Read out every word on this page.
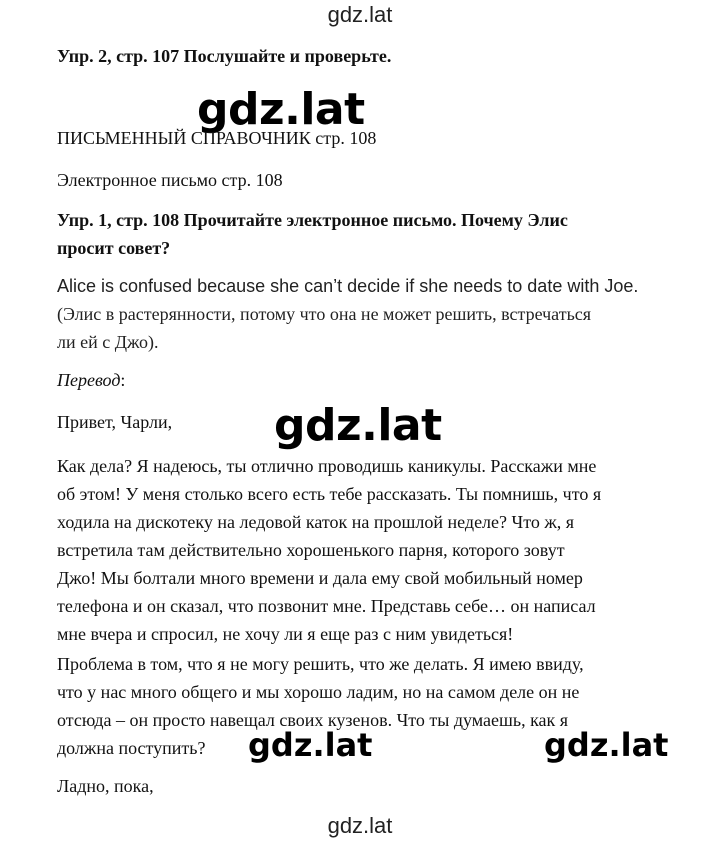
gdz.lat

Упр. 2, стр. 107 Послушайте и проверьте.

gdz.lat

ПИСЬМЕННЫЙ СПРАВОЧНИК стр. 108

Электронное письмо стр. 108

Упр. 1, стр. 108 Прочитайте электронное письмо. Почему Элис
просит совет?
Alice is confused because she can’t decide if she needs to date with Joe.
(Элис в растерянности, потому что она не может решить, встречаться
ли ей с Джо).

Перевод:

Привет, Чарли, gdz.lat
Как дела? Я надеюсь, ты отлично проводишь каникулы. Расскажи мне
об этом! У меня столько всего есть тебе рассказать. Ты помнишь, что я
ходила на дискотеку на ледовой каток на прошлой неделе? Что ж, я
встретила там действительно хорошенького парня, которого зовут
Джо! Мы болтали много времени и дала ему свой мобильный номер
телефона и он сказал, что позвонит мне. Представь себе… он написал
мне вчера и спросил, не хочу ли я еще раз с ним увидеться!
Проблема в том, что я не могу решить, что же делать. Я имею ввиду,
что у нас много общего и мы хорошо ладим, но на самом деле он не
отсюда – он просто навещал своих кузенов. Что ты думаешь, как я
должна поступить?	gdz.lat	gdz.lat

Ладно, пока,

gdz.lat
